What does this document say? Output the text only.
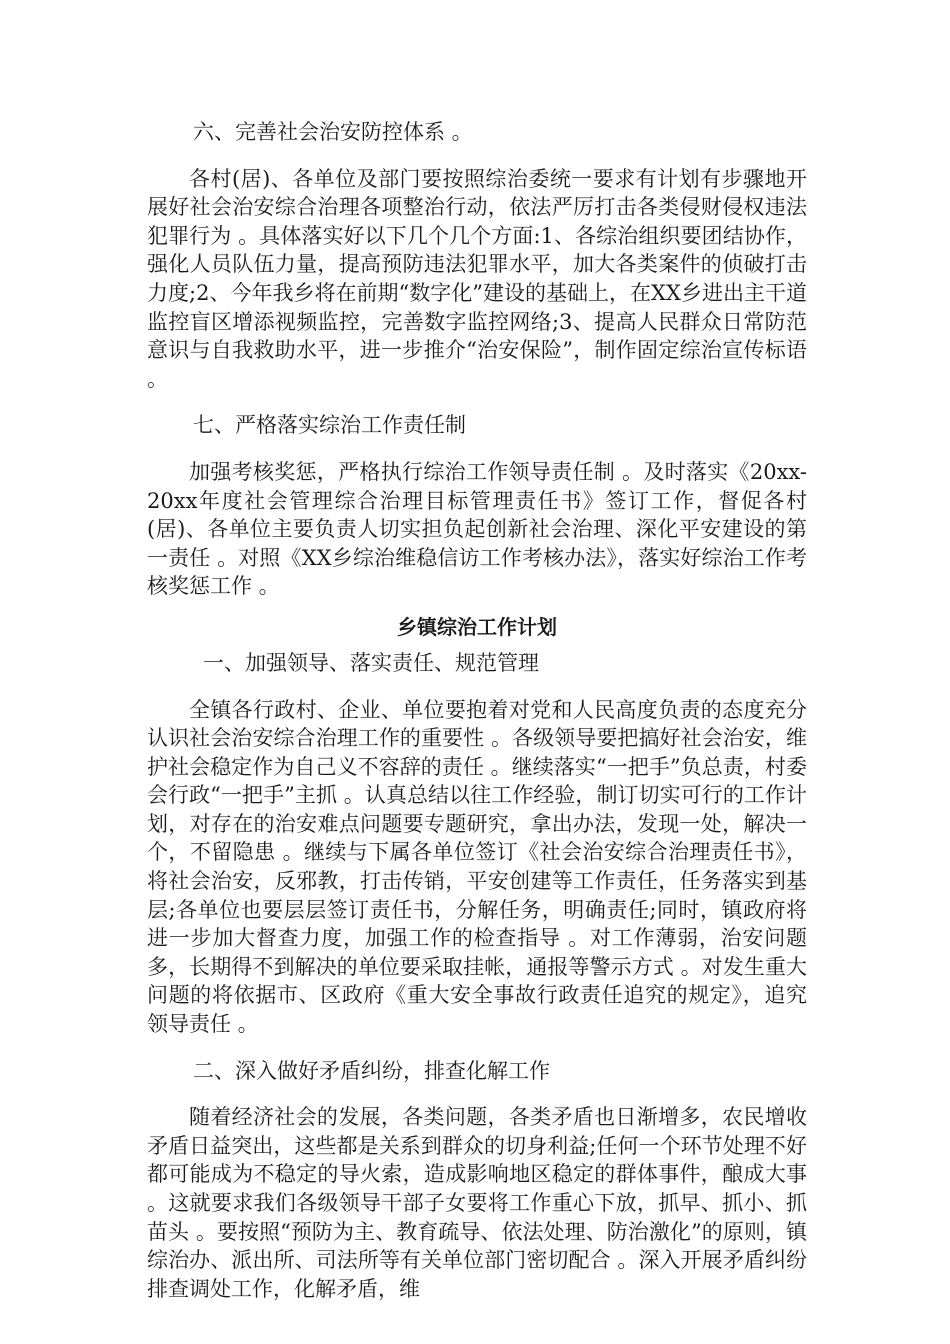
六、完善社会治安防控体系 。

各村(居)、各单位及部门要按照综治委统一要求有计划有步骤地开展好社会治安综合治理各项整治行动，依法严厉打击各类侵财侵权违法犯罪行为 。具体落实好以下几个几个方面:1、各综治组织要团结协作，强化人员队伍力量，提高预防违法犯罪水平，加大各类案件的侦破打击力度;2、今年我乡将在前期“数字化”建设的基础上，在XX乡进出主干道监控盲区增添视频监控，完善数字监控网络;3、提高人民群众日常防范意识与自我救助水平，进一步推介“治安保险”，制作固定综治宣传标语 。

七、严格落实综治工作责任制

加强考核奖惩，严格执行综治工作领导责任制 。及时落实《20xx-20xx年度社会管理综合治理目标管理责任书》签订工作，督促各村(居)、各单位主要负责人切实担负起创新社会治理、深化平安建设的第一责任 。对照《XX乡综治维稳信访工作考核办法》，落实好综治工作考核奖惩工作 。

乡镇综治工作计划

一、加强领导、落实责任、规范管理

全镇各行政村、企业、单位要抱着对党和人民高度负责的态度充分认识社会治安综合治理工作的重要性 。各级领导要把搞好社会治安，维护社会稳定作为自己义不容辞的责任 。继续落实“一把手”负总责，村委会行政“一把手”主抓 。认真总结以往工作经验，制订切实可行的工作计划，对存在的治安难点问题要专题研究，拿出办法，发现一处，解决一个，不留隐患 。继续与下属各单位签订《社会治安综合治理责任书》，将社会治安，反邪教，打击传销，平安创建等工作责任，任务落实到基层;各单位也要层层签订责任书，分解任务，明确责任;同时，镇政府将进一步加大督查力度，加强工作的检查指导 。对工作薄弱，治安问题多，长期得不到解决的单位要采取挂帐，通报等警示方式 。对发生重大问题的将依据市、区政府《重大安全事故行政责任追究的规定》，追究领导责任 。

二、深入做好矛盾纠纷，排查化解工作

随着经济社会的发展，各类问题，各类矛盾也日渐增多，农民增收矛盾日益突出，这些都是关系到群众的切身利益;任何一个环节处理不好都可能成为不稳定的导火索，造成影响地区稳定的群体事件，酿成大事 。这就要求我们各级领导干部子女要将工作重心下放，抓早、抓小、抓苗头 。要按照“预防为主、教育疏导、依法处理、防治激化”的原则，镇综治办、派出所、司法所等有关单位部门密切配合 。深入开展矛盾纠纷排查调处工作，化解矛盾，维
